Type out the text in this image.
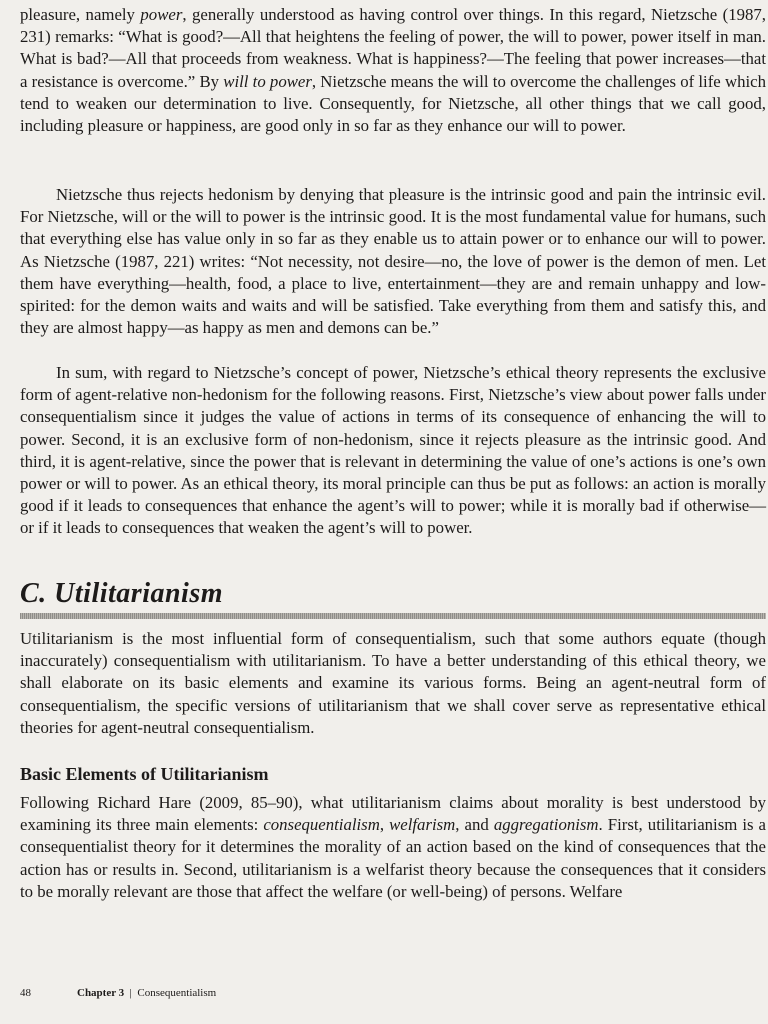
pleasure, namely power, generally understood as having control over things. In this regard, Nietzsche (1987, 231) remarks: “What is good?—All that heightens the feeling of power, the will to power, power itself in man. What is bad?—All that proceeds from weakness. What is happiness?—The feeling that power increases—that a resistance is overcome.” By will to power, Nietzsche means the will to overcome the challenges of life which tend to weaken our determination to live. Consequently, for Nietzsche, all other things that we call good, including pleasure or happiness, are good only in so far as they enhance our will to power.

Nietzsche thus rejects hedonism by denying that pleasure is the intrinsic good and pain the intrinsic evil. For Nietzsche, will or the will to power is the intrinsic good. It is the most fundamental value for humans, such that everything else has value only in so far as they enable us to attain power or to enhance our will to power. As Nietzsche (1987, 221) writes: “Not necessity, not desire—no, the love of power is the demon of men. Let them have everything—health, food, a place to live, entertainment—they are and remain unhappy and low-spirited: for the demon waits and waits and will be satisfied. Take everything from them and satisfy this, and they are almost happy—as happy as men and demons can be.”

In sum, with regard to Nietzsche’s concept of power, Nietzsche’s ethical theory represents the exclusive form of agent-relative non-hedonism for the following reasons. First, Nietzsche’s view about power falls under consequentialism since it judges the value of actions in terms of its consequence of enhancing the will to power. Second, it is an exclusive form of non-hedonism, since it rejects pleasure as the intrinsic good. And third, it is agent-relative, since the power that is relevant in determining the value of one’s actions is one’s own power or will to power. As an ethical theory, its moral principle can thus be put as follows: an action is morally good if it leads to consequences that enhance the agent’s will to power; while it is morally bad if otherwise—or if it leads to consequences that weaken the agent’s will to power.

C. Utilitarianism

Utilitarianism is the most influential form of consequentialism, such that some authors equate (though inaccurately) consequentialism with utilitarianism. To have a better understanding of this ethical theory, we shall elaborate on its basic elements and examine its various forms. Being an agent-neutral form of consequentialism, the specific versions of utilitarianism that we shall cover serve as representative ethical theories for agent-neutral consequentialism.

Basic Elements of Utilitarianism

Following Richard Hare (2009, 85–90), what utilitarianism claims about morality is best understood by examining its three main elements: consequentialism, welfarism, and aggregationism. First, utilitarianism is a consequentialist theory for it determines the morality of an action based on the kind of consequences that the action has or results in. Second, utilitarianism is a welfarist theory because the consequences that it considers to be morally relevant are those that affect the welfare (or well-being) of persons. Welfare

48	Chapter 3 | Consequentialism
